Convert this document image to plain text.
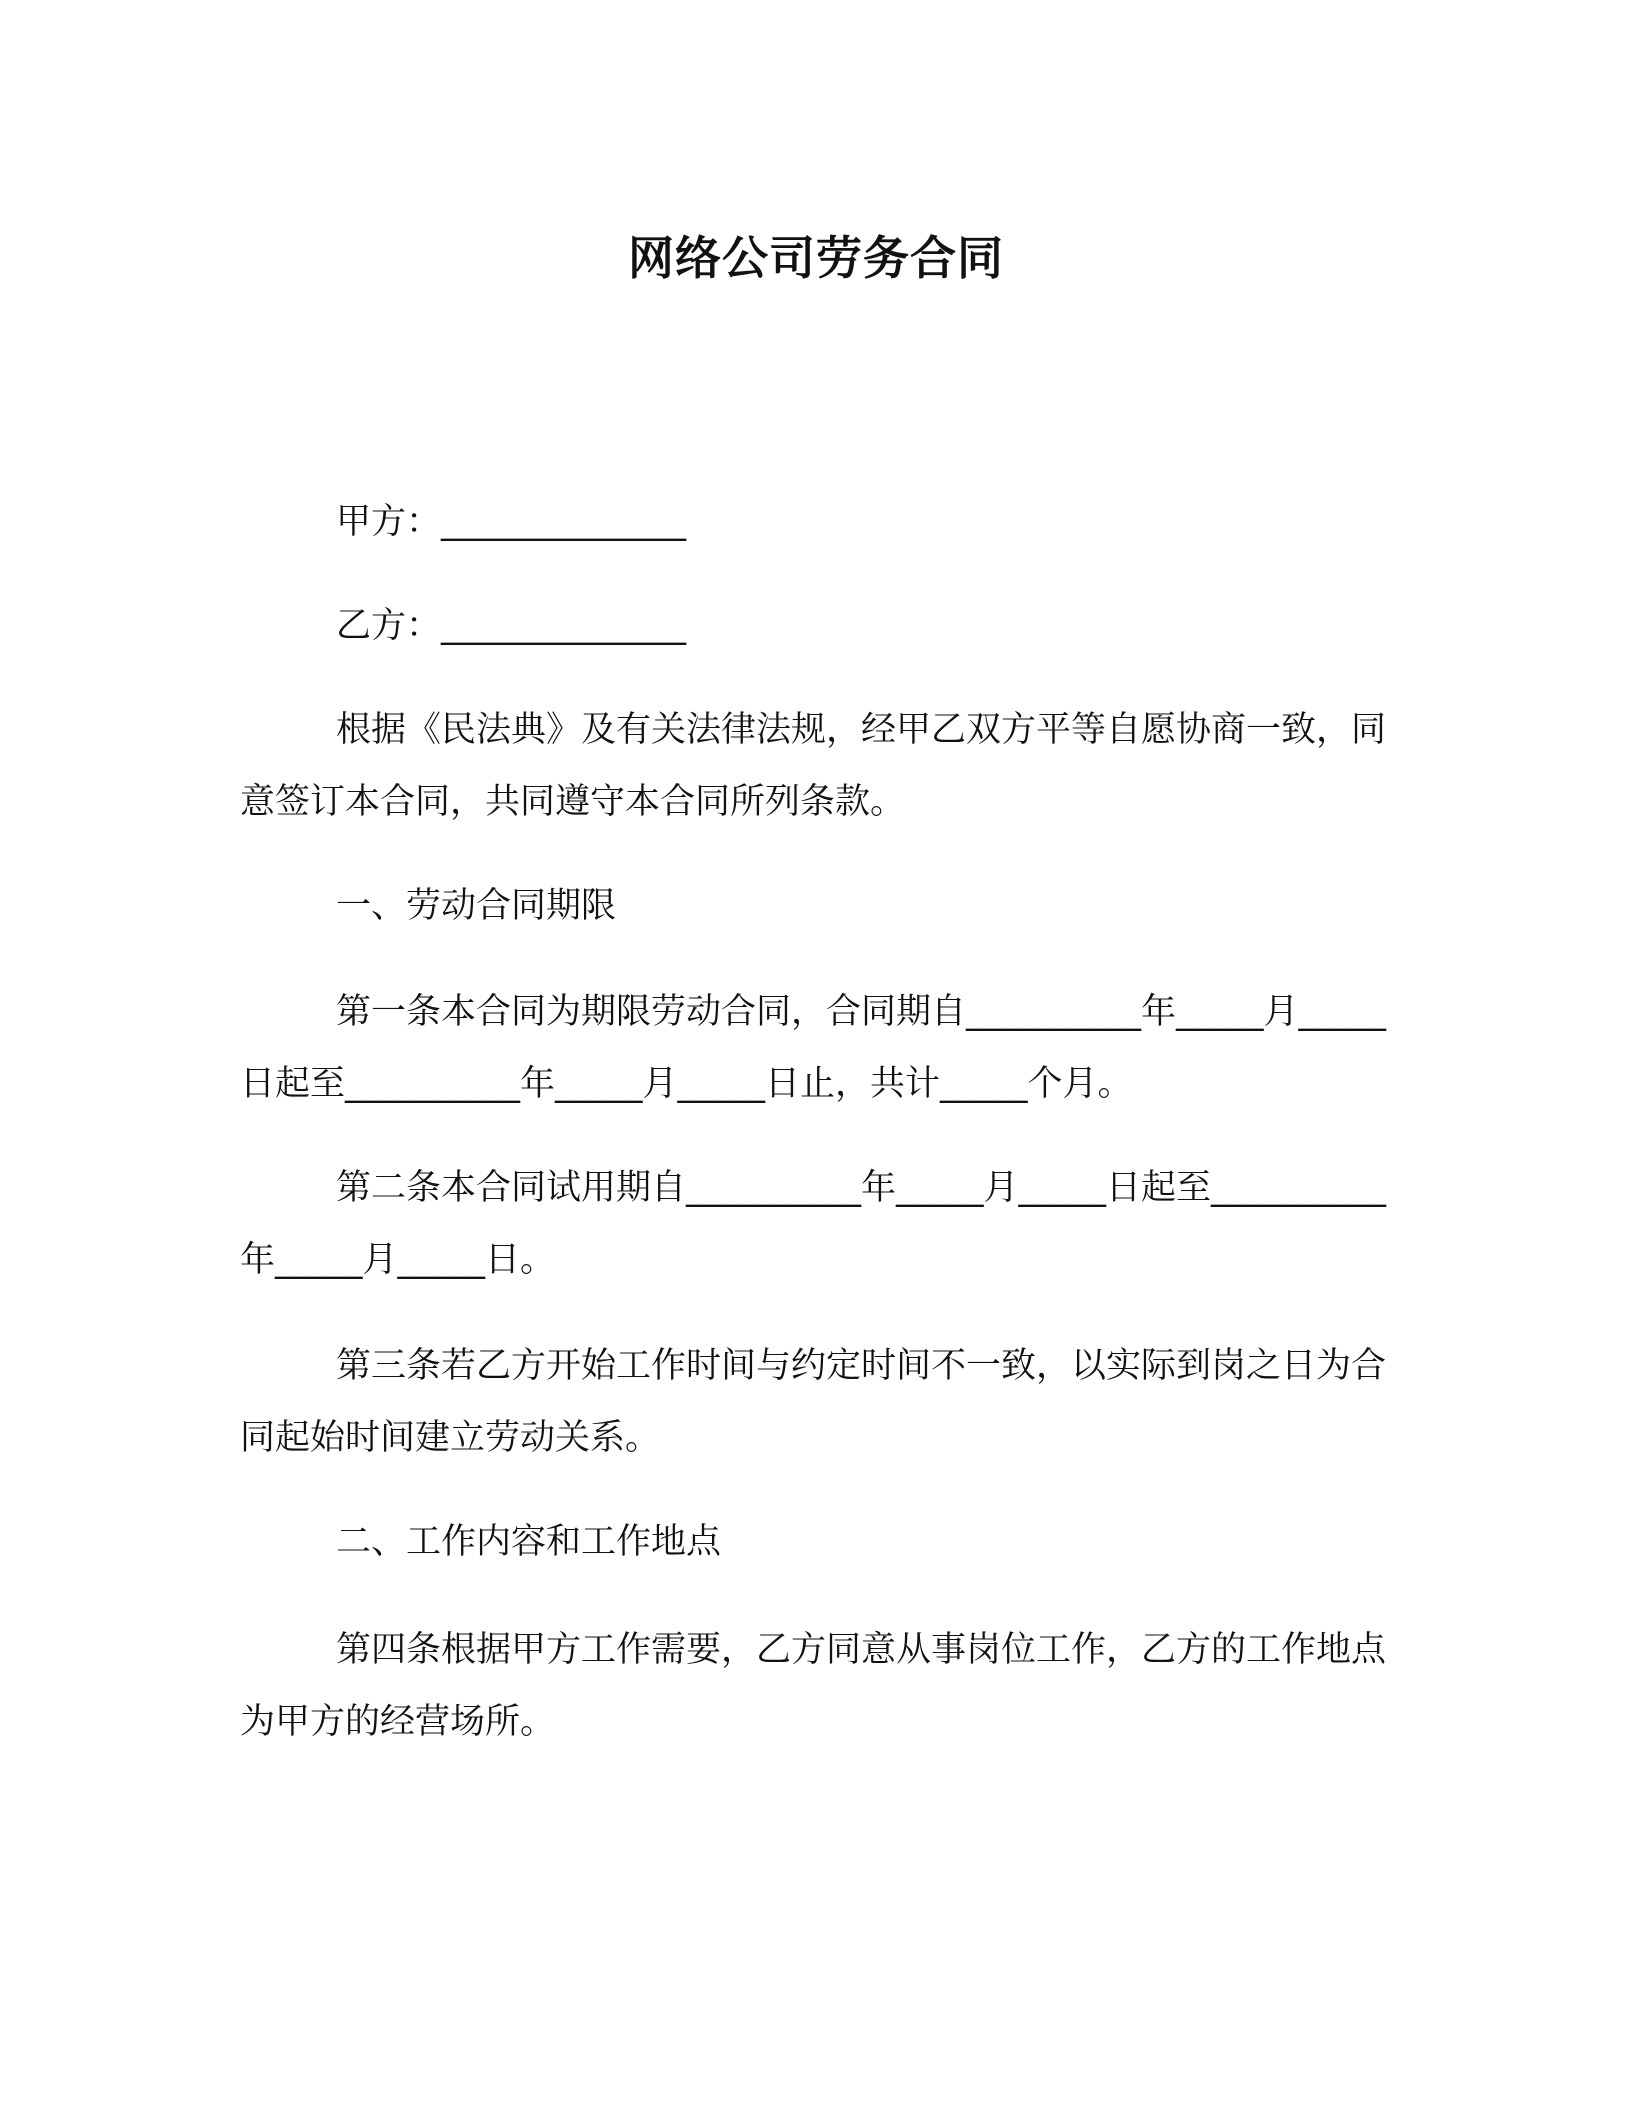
网络公司劳务合同
甲方：______________
乙方：______________
根据《民法典》及有关法律法规，经甲乙双方平等自愿协商一致，同意签订本合同，共同遵守本合同所列条款。
一、劳动合同期限
第一条本合同为期限劳动合同，合同期自__________年_____月_____日起至__________年_____月_____日止，共计_____个月。
第二条本合同试用期自__________年_____月_____日起至__________年_____月_____日。
第三条若乙方开始工作时间与约定时间不一致，以实际到岗之日为合同起始时间建立劳动关系。
二、工作内容和工作地点
第四条根据甲方工作需要，乙方同意从事岗位工作，乙方的工作地点为甲方的经营场所。
